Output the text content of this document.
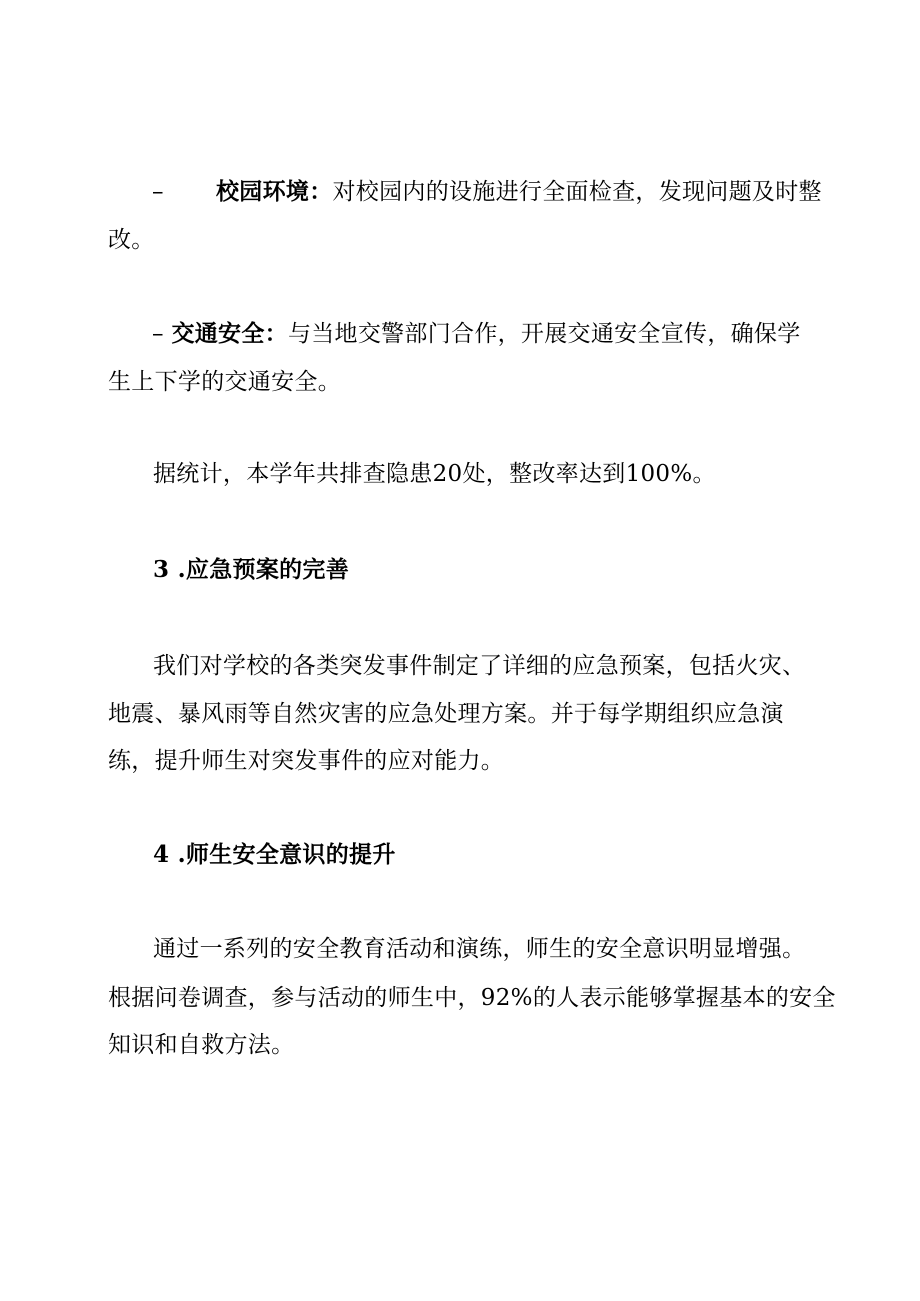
– 校园环境：对校园内的设施进行全面检查，发现问题及时整
改。
– 交通安全：与当地交警部门合作，开展交通安全宣传，确保学
生上下学的交通安全。
据统计，本学年共排查隐患20处，整改率达到100%。
3 .应急预案的完善
我们对学校的各类突发事件制定了详细的应急预案，包括火灾、
地震、暴风雨等自然灾害的应急处理方案。并于每学期组织应急演
练，提升师生对突发事件的应对能力。
4 .师生安全意识的提升
通过一系列的安全教育活动和演练，师生的安全意识明显增强。
根据问卷调查，参与活动的师生中，92%的人表示能够掌握基本的安全
知识和自救方法。
